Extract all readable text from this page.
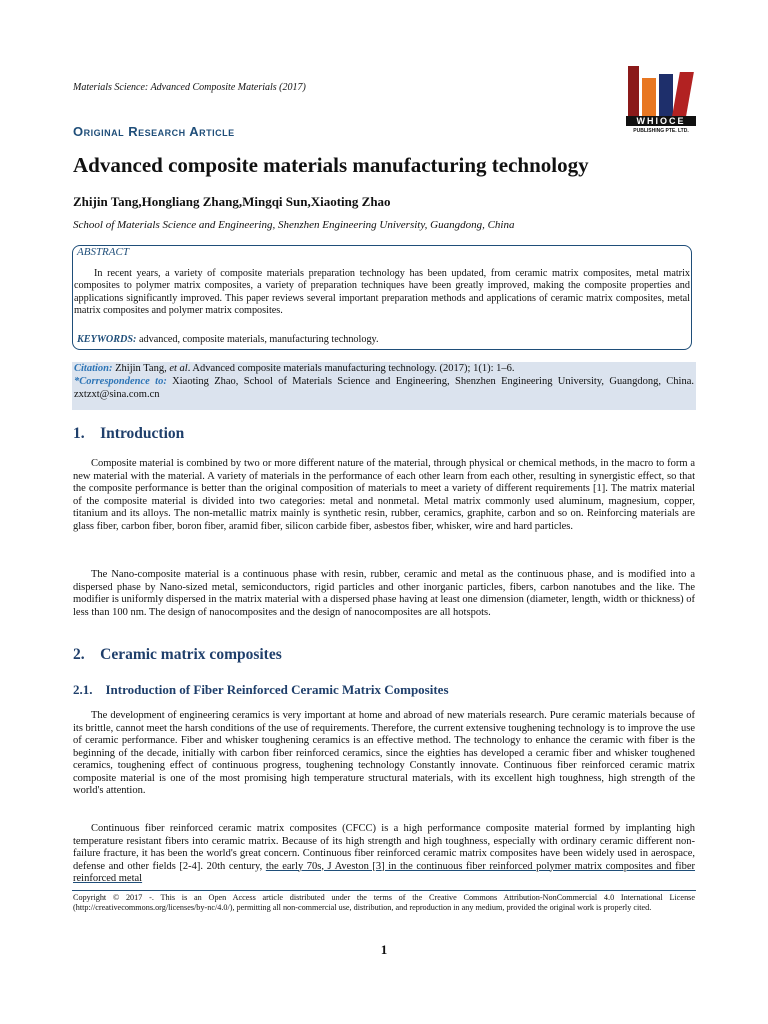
Materials Science: Advanced Composite Materials (2017)
WHIOCE
PUBLISHING PTE. LTD.
Original Research Article
Advanced composite materials manufacturing technology
Zhijin Tang,Hongliang Zhang,Mingqi Sun,Xiaoting Zhao
School of Materials Science and Engineering, Shenzhen Engineering University, Guangdong, China
ABSTRACT
In recent years, a variety of composite materials preparation technology has been updated, from ceramic matrix composites, metal matrix composites to polymer matrix composites, a variety of preparation techniques have been greatly improved, making the composite properties and applications significantly improved. This paper reviews several important preparation methods and applications of ceramic matrix composites, metal matrix composites and polymer matrix composites.
KEYWORDS: advanced, composite materials, manufacturing technology.
Citation: Zhijin Tang, et al. Advanced composite materials manufacturing technology. (2017); 1(1): 1–6.
*Correspondence to: Xiaoting Zhao, School of Materials Science and Engineering, Shenzhen Engineering University, Guangdong, China. zxtzxt@sina.com.cn
1. Introduction
Composite material is combined by two or more different nature of the material, through physical or chemical methods, in the macro to form a new material with the material. A variety of materials in the performance of each other learn from each other, resulting in synergistic effect, so that the composite performance is better than the original composition of materials to meet a variety of different requirements [1]. The matrix material of the composite material is divided into two categories: metal and nonmetal. Metal matrix commonly used aluminum, magnesium, copper, titanium and its alloys. The non-metallic matrix mainly is synthetic resin, rubber, ceramics, graphite, carbon and so on. Reinforcing materials are glass fiber, carbon fiber, boron fiber, aramid fiber, silicon carbide fiber, asbestos fiber, whisker, wire and hard particles.
The Nano-composite material is a continuous phase with resin, rubber, ceramic and metal as the continuous phase, and is modified into a dispersed phase by Nano-sized metal, semiconductors, rigid particles and other inorganic particles, fibers, carbon nanotubes and the like. The modifier is uniformly dispersed in the matrix material with a dispersed phase having at least one dimension (diameter, length, width or thickness) of less than 100 nm. The design of nanocomposites and the design of nanocomposites are all hotspots.
2. Ceramic matrix composites
2.1. Introduction of Fiber Reinforced Ceramic Matrix Composites
The development of engineering ceramics is very important at home and abroad of new materials research. Pure ceramic materials because of its brittle, cannot meet the harsh conditions of the use of requirements. Therefore, the current extensive toughening technology is to improve the use of ceramic performance. Fiber and whisker toughening ceramics is an effective method. The technology to enhance the ceramic with fiber is the beginning of the decade, initially with carbon fiber reinforced ceramics, since the eighties has developed a ceramic fiber and whisker toughened ceramics, toughening effect of continuous progress, toughening technology Constantly innovate. Continuous fiber reinforced ceramic matrix composite material is one of the most promising high temperature structural materials, with its excellent high toughness, high strength of the world's attention.
Continuous fiber reinforced ceramic matrix composites (CFCC) is a high performance composite material formed by implanting high temperature resistant fibers into ceramic matrix. Because of its high strength and high toughness, especially with ordinary ceramic different non-failure fracture, it has been the world's great concern. Continuous fiber reinforced ceramic matrix composites have been widely used in aerospace, defense and other fields [2-4]. 20th century, the early 70s, J Aveston [3] in the continuous fiber reinforced polymer matrix composites and fiber reinforced metal
Copyright © 2017 -. This is an Open Access article distributed under the terms of the Creative Commons Attribution-NonCommercial 4.0 International License (http://creativecommons.org/licenses/by-nc/4.0/), permitting all non-commercial use, distribution, and reproduction in any medium, provided the original work is properly cited.
1
